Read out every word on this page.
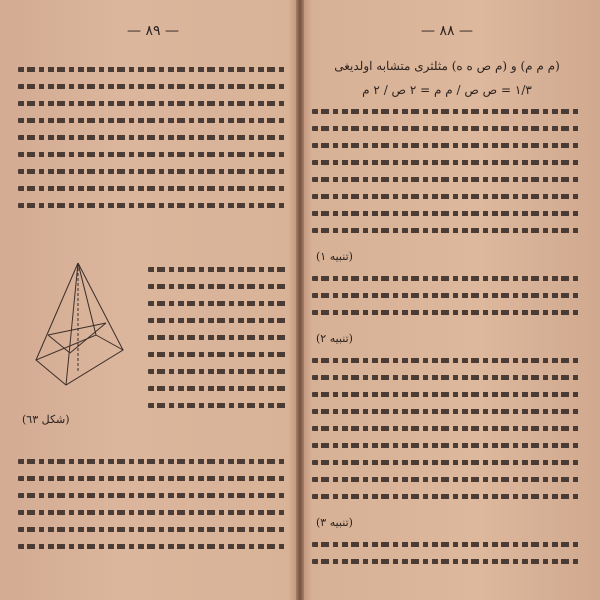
— ٨٩ —
(شكل ٦٣)
— ٨٨ —
(م م م) و (م ص ه ه) مثلثری متشابه اولدیغی
١/٣ = ص ص / م م = ٢ ص / ٢ م
(تنبيه ١)
(تنبيه ٢)
(تنبيه ٣)
